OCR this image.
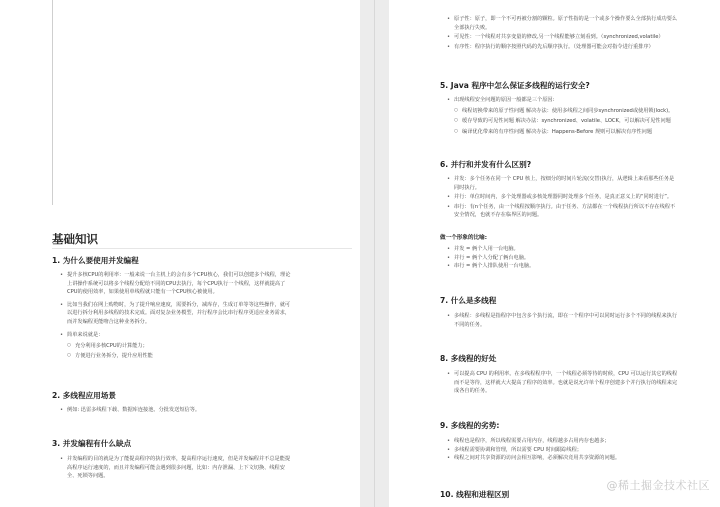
基础知识
1. 为什么要使用并发编程
• 提升多核CPU的利用率：一般来说一台主机上的会有多个CPU核心，我们可以创建多个线程，理论
上讲操作系统可以将多个线程分配给不同的CPU去执行，每个CPU执行一个线程，这样就提高了
CPU的使用效率，如果使用单线程就只能有一个CPU核心被使用。
• 比如当我们在网上购物时，为了提升响应速度，需要拆分，减库存，生成订单等等这些操作，就可
以进行拆分利用多线程的技术完成。面对复杂业务模型，并行程序会比串行程序更适应业务需求，
而并发编程更能吻合这种业务拆分。
• 简单来说就是：
○ 充分利用多核CPU的计算能力；
○ 方便进行业务拆分，提升应用性能
2. 多线程应用场景
• 例如: 迅雷多线程下载、数据库连接池、分批发送短信等。
3. 并发编程有什么缺点
• 并发编程的目的就是为了能提高程序的执行效率，提高程序运行速度，但是并发编程并不总是能提
高程序运行速度的，而且并发编程可能会遇到很多问题，比如：内存泄漏、上下文切换、线程安
全、死锁等问题。
• 原子性：原子，即一个不可再被分割的颗粒。原子性指的是一个或多个操作要么全部执行成功要么
全部执行失败。
• 可见性：一个线程对共享变量的修改,另一个线程能够立刻看到。（synchronized,volatile）
• 有序性：程序执行的顺序按照代码的先后顺序执行。（处理器可能会对指令进行重排序）
5. Java 程序中怎么保证多线程的运行安全?
• 出现线程安全问题的原因一般都是三个原因:
○ 线程切换带来的原子性问题 解决办法：使用多线程之间同步synchronized或使用锁(lock)。
○ 缓存导致的可见性问题 解决办法：synchronized、volatile、LOCK，可以解决可见性问题
○ 编译优化带来的有序性问题 解决办法：Happens-Before 规则可以解决有序性问题
6. 并行和并发有什么区别?
• 并发：多个任务在同一个 CPU 核上，按细分的时间片轮流(交替)执行，从逻辑上来看那些任务是
同时执行。
• 并行：单位时间内，多个处理器或多核处理器同时处理多个任务，是真正意义上的“同时进行”。
• 串行：有n个任务，由一个线程按顺序执行。由于任务、方法都在一个线程执行所以不存在线程不
安全情况，也就不存在临界区的问题。
做一个形象的比喻:
• 并发 = 俩个人用一台电脑。
• 并行 = 俩个人分配了俩台电脑。
• 串行 = 俩个人排队使用一台电脑。
7. 什么是多线程
• 多线程：多线程是指程序中包含多个执行流，即在一个程序中可以同时运行多个不同的线程来执行
不同的任务。
8. 多线程的好处
• 可以提高 CPU 的利用率。在多线程程序中，一个线程必须等待的时候，CPU 可以运行其它的线程
而不是等待，这样就大大提高了程序的效率。也就是说允许单个程序创建多个并行执行的线程来完
成各自的任务。
9. 多线程的劣势:
• 线程也是程序，所以线程需要占用内存，线程越多占用内存也越多；
• 多线程需要协调和管理，所以需要 CPU 时间跟踪线程；
• 线程之间对共享资源的访问会相互影响，必须解决竞用共享资源的问题。
10. 线程和进程区别
@稀土掘金技术社区
